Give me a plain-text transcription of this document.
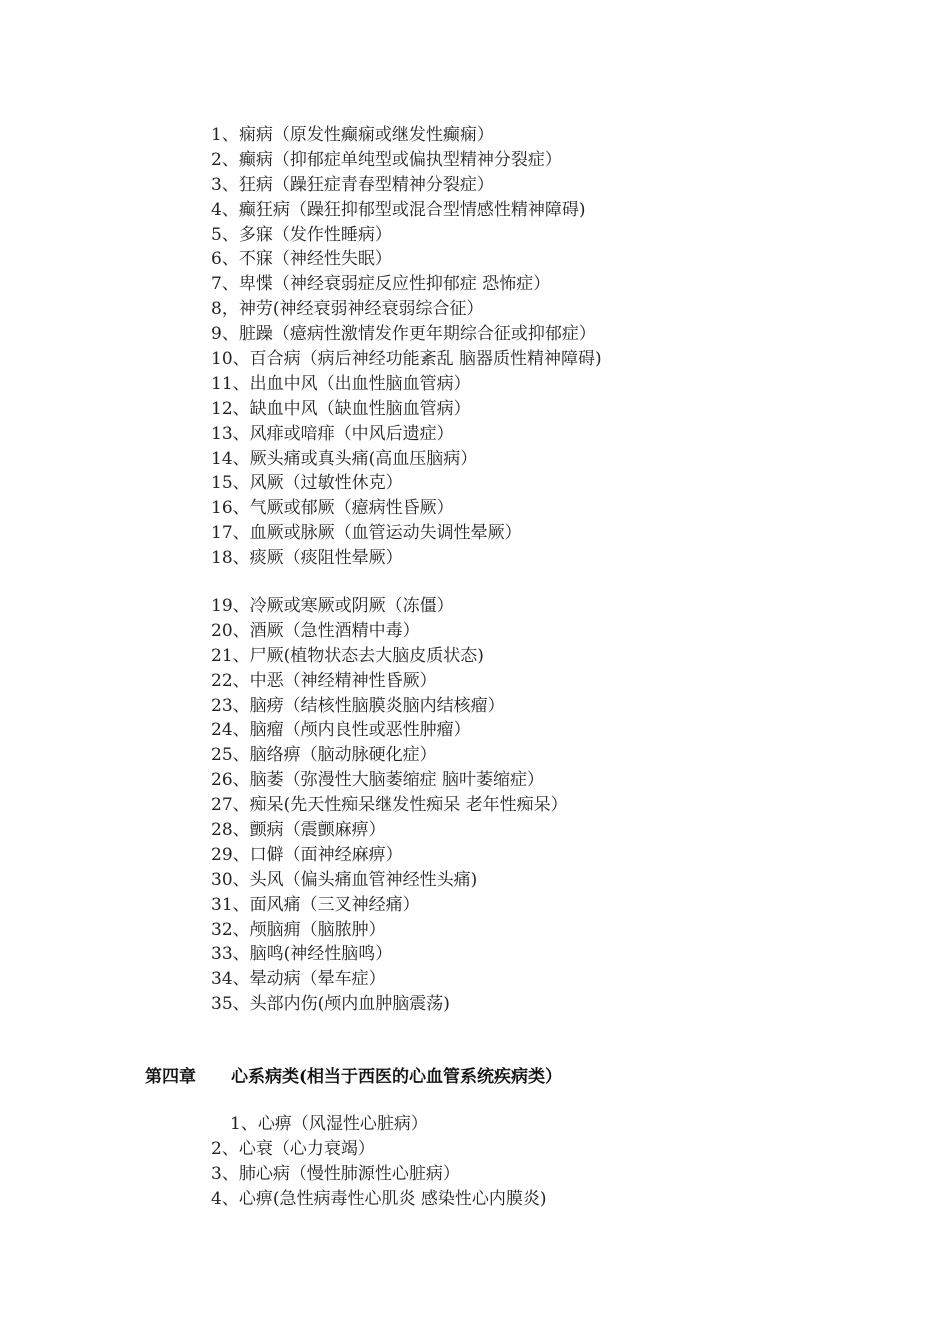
1、痫病（原发性癫痫或继发性癫痫）
2、癫病（抑郁症单纯型或偏执型精神分裂症）
3、狂病（躁狂症青春型精神分裂症）
4、癫狂病（躁狂抑郁型或混合型情感性精神障碍)
5、多寐（发作性睡病）
6、不寐（神经性失眠）
7、卑惵（神经衰弱症反应性抑郁症 恐怖症）
8，神劳(神经衰弱神经衰弱综合征）
9、脏躁（癔病性激情发作更年期综合征或抑郁症）
10、百合病（病后神经功能紊乱 脑器质性精神障碍)
11、出血中风（出血性脑血管病）
12、缺血中风（缺血性脑血管病）
13、风痱或喑痱（中风后遗症）
14、厥头痛或真头痛(高血压脑病）
15、风厥（过敏性休克）
16、气厥或郁厥（癔病性昏厥）
17、血厥或脉厥（血管运动失调性晕厥）
18、痰厥（痰阻性晕厥）
19、冷厥或寒厥或阴厥（冻僵）
20、酒厥（急性酒精中毒）
21、尸厥(植物状态去大脑皮质状态)
22、中恶（神经精神性昏厥）
23、脑痨（结核性脑膜炎脑内结核瘤）
24、脑瘤（颅内良性或恶性肿瘤）
25、脑络痹（脑动脉硬化症）
26、脑萎（弥漫性大脑萎缩症 脑叶萎缩症）
27、痴呆(先天性痴呆继发性痴呆 老年性痴呆）
28、颤病（震颤麻痹）
29、口僻（面神经麻痹）
30、头风（偏头痛血管神经性头痛)
31、面风痛（三叉神经痛）
32、颅脑痈（脑脓肿）
33、脑鸣(神经性脑鸣）
34、晕动病（晕车症）
35、头部内伤(颅内血肿脑震荡)
第四章 心系病类(相当于西医的心血管系统疾病类）
1、心痹（风湿性心脏病）
2、心衰（心力衰竭）
3、肺心病（慢性肺源性心脏病）
4、心痹(急性病毒性心肌炎 感染性心内膜炎)
